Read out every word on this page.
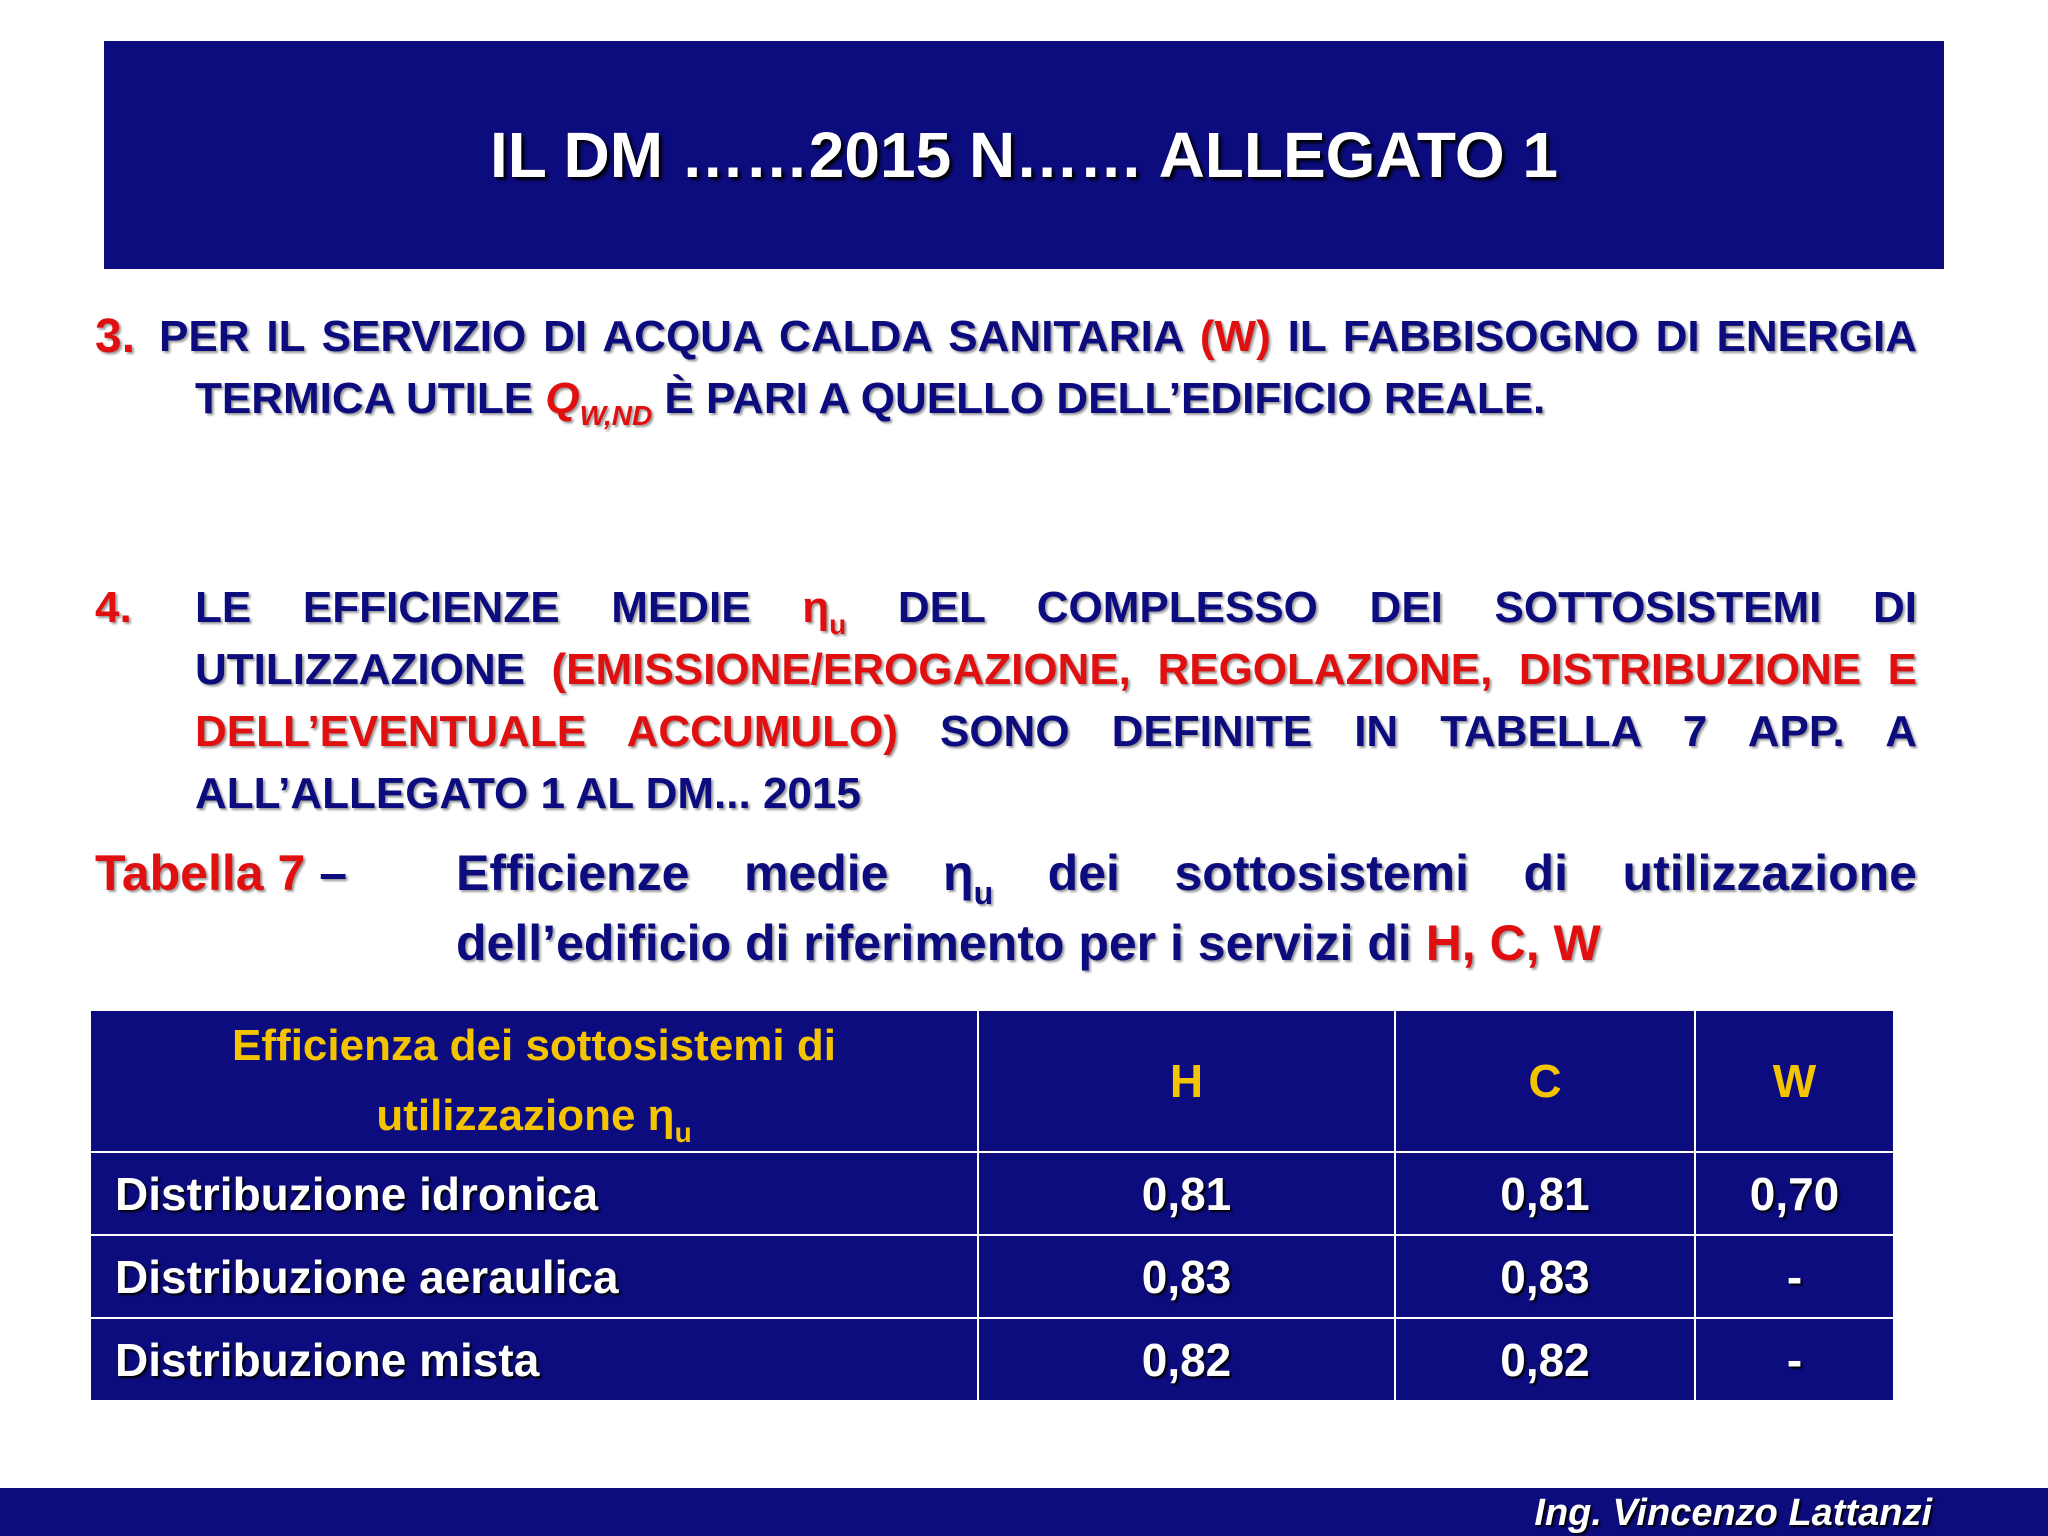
IL DM ……2015 N…… ALLEGATO 1
3. PER IL SERVIZIO DI ACQUA CALDA SANITARIA (W) IL FABBISOGNO DI ENERGIA TERMICA UTILE $Q_{W,ND}$ È PARI A QUELLO DELL’EDIFICIO REALE.
4.	LE EFFICIENZE MEDIE $\eta_u$ DEL COMPLESSO DEI SOTTOSISTEMI DI UTILIZZAZIONE (EMISSIONE/EROGAZIONE, REGOLAZIONE, DISTRIBUZIONE E DELL’EVENTUALE ACCUMULO) SONO DEFINITE IN TABELLA 7 APP. A ALL’ALLEGATO 1 AL DM... 2015
Tabella 7 –	Efficienze medie $\eta_u$ dei sottosistemi di utilizzazione dell’edificio di riferimento per i servizi di H, C, W
Efficienza dei sottosistemi di
utilizzazione $\eta_u$	H	C	W
Distribuzione idronica	0,81	0,81	0,70
Distribuzione aeraulica	0,83	0,83	-
Distribuzione mista	0,82	0,82	-
Ing. Vincenzo Lattanzi
